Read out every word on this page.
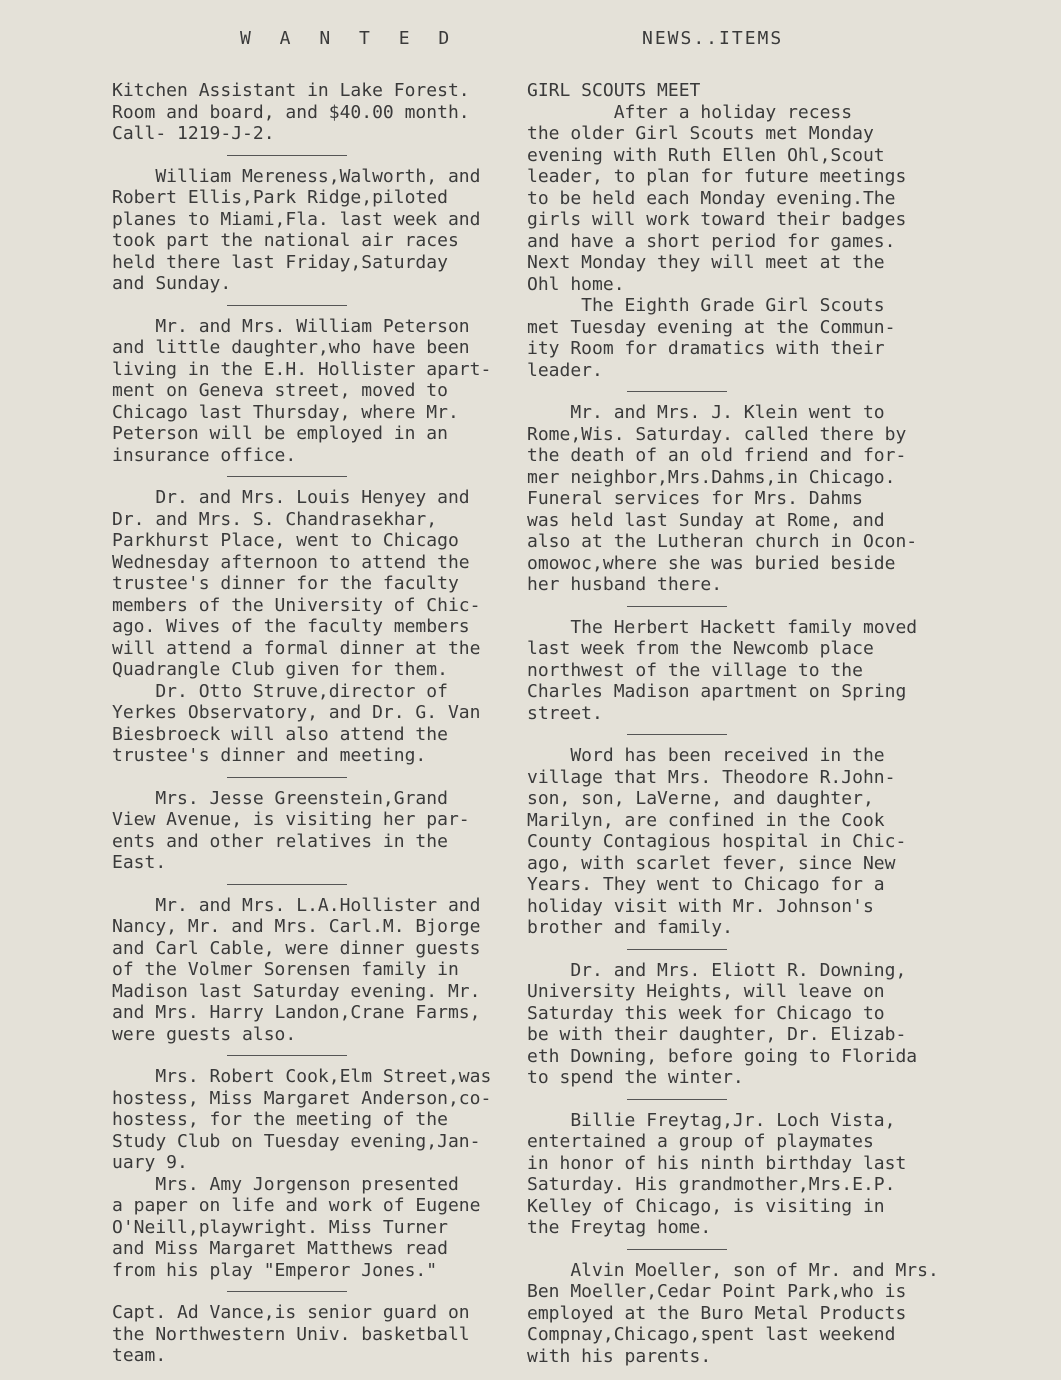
W A N T E D

Kitchen Assistant in Lake Forest.
Room and board, and $40.00 month.
Call- 1219-J-2.

William Mereness,Walworth, and
Robert Ellis,Park Ridge,piloted
planes to Miami,Fla. last week and
took part the national air races
held there last Friday,Saturday
and Sunday.

Mr. and Mrs. William Peterson
and little daughter,who have been
living in the E.H. Hollister apart-
ment on Geneva street, moved to
Chicago last Thursday, where Mr.
Peterson will be employed in an
insurance office.

Dr. and Mrs. Louis Henyey and
Dr. and Mrs. S. Chandrasekhar,
Parkhurst Place, went to Chicago
Wednesday afternoon to attend the
trustee's dinner for the faculty
members of the University of Chic-
ago. Wives of the faculty members
will attend a formal dinner at the
Quadrangle Club given for them.
Dr. Otto Struve,director of
Yerkes Observatory, and Dr. G. Van
Biesbroeck will also attend the
trustee's dinner and meeting.

Mrs. Jesse Greenstein,Grand
View Avenue, is visiting her par-
ents and other relatives in the
East.

Mr. and Mrs. L.A.Hollister and
Nancy, Mr. and Mrs. Carl.M. Bjorge
and Carl Cable, were dinner guests
of the Volmer Sorensen family in
Madison last Saturday evening. Mr.
and Mrs. Harry Landon,Crane Farms,
were guests also.

Mrs. Robert Cook,Elm Street,was
hostess, Miss Margaret Anderson,co-
hostess, for the meeting of the
Study Club on Tuesday evening,Jan-
uary 9.
Mrs. Amy Jorgenson presented
a paper on life and work of Eugene
O'Neill,playwright. Miss Turner
and Miss Margaret Matthews read
from his play "Emperor Jones."

Capt. Ad Vance,is senior guard on
the Northwestern Univ. basketball
team.

NEWS..ITEMS

GIRL SCOUTS MEET
After a holiday recess
the older Girl Scouts met Monday
evening with Ruth Ellen Ohl,Scout
leader, to plan for future meetings
to be held each Monday evening.The
girls will work toward their badges
and have a short period for games.
Next Monday they will meet at the
Ohl home.
The Eighth Grade Girl Scouts
met Tuesday evening at the Commun-
ity Room for dramatics with their
leader.

Mr. and Mrs. J. Klein went to
Rome,Wis. Saturday. called there by
the death of an old friend and for-
mer neighbor,Mrs.Dahms,in Chicago.
Funeral services for Mrs. Dahms
was held last Sunday at Rome, and
also at the Lutheran church in Ocon-
omowoc,where she was buried beside
her husband there.

The Herbert Hackett family moved
last week from the Newcomb place
northwest of the village to the
Charles Madison apartment on Spring
street.

Word has been received in the
village that Mrs. Theodore R.John-
son, son, LaVerne, and daughter,
Marilyn, are confined in the Cook
County Contagious hospital in Chic-
ago, with scarlet fever, since New
Years. They went to Chicago for a
holiday visit with Mr. Johnson's
brother and family.

Dr. and Mrs. Eliott R. Downing,
University Heights, will leave on
Saturday this week for Chicago to
be with their daughter, Dr. Elizab-
eth Downing, before going to Florida
to spend the winter.

Billie Freytag,Jr. Loch Vista,
entertained a group of playmates
in honor of his ninth birthday last
Saturday. His grandmother,Mrs.E.P.
Kelley of Chicago, is visiting in
the Freytag home.

Alvin Moeller, son of Mr. and Mrs.
Ben Moeller,Cedar Point Park,who is
employed at the Buro Metal Products
Compnay,Chicago,spent last weekend
with his parents.
